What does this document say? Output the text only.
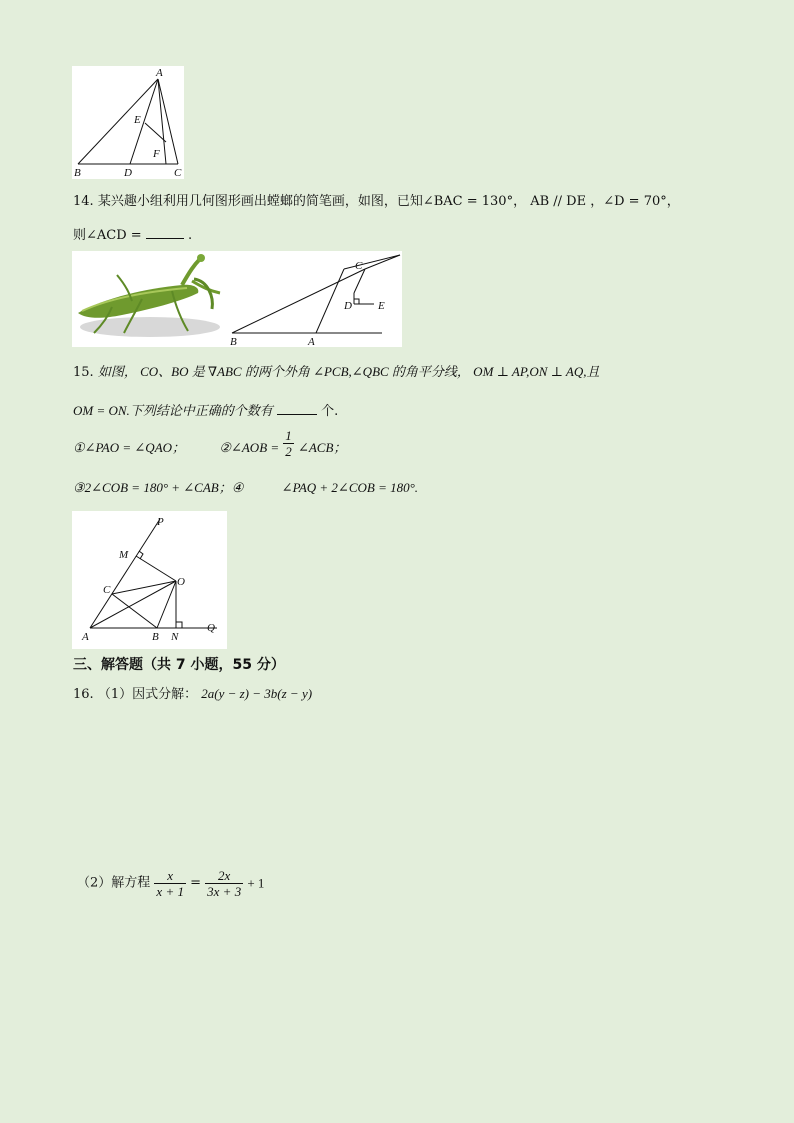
A
B	C
D
E
F
14. 某兴趣小组利用几何图形画出螳螂的简笔画，如图，已知∠BAC = 130°， AB // DE ，∠D = 70°，
则∠ACD =	.
C
D E
B	A
15. 如图， CO、BO 是 ∇ABC 的两个外角 ∠PCB,∠QBC 的角平分线， OM ⊥ AP,ON ⊥ AQ,且
OM = ON.下列结论中正确的个数有	个.
①∠PAO = ∠QAO；	②∠AOB = $\frac{1}{2}$ ∠ACB；
③2∠COB = 180° + ∠CAB；④	∠PAQ + 2∠COB = 180°.
P
M
C
O
A	B N
Q
三、解答题（共 7 小题，55 分）
16. （1）因式分解： 2a(y − z) − 3b(z − y)
（2）解方程 $\frac{x}{x + 1} = \frac{2x}{3x + 3} + 1$
